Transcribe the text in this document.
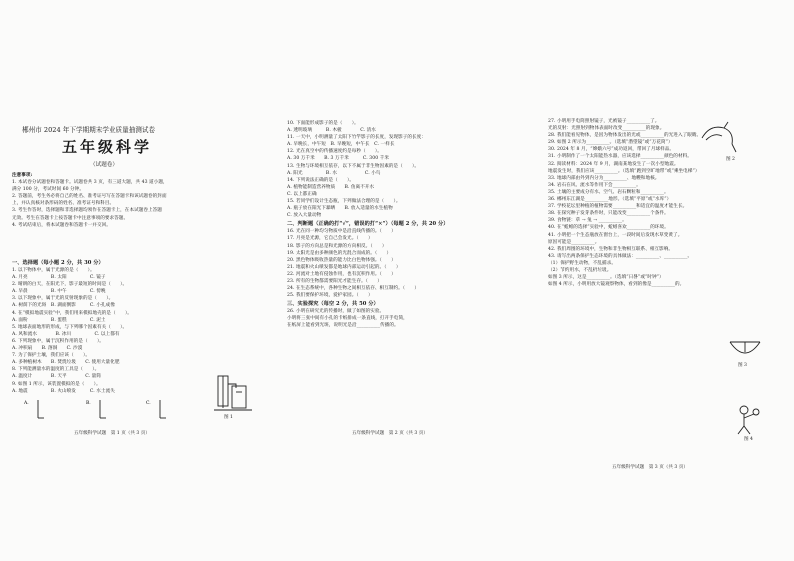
郴州市 2024 年下学期期末学业质量抽测试卷
五年级科学
（试题卷）
注意事项:
1. 本试卷分试题卷和答题卡。试题卷共 3 页，有三道大题，共 43 道小题，
满分 100 分，考试时间 60 分钟。
2. 答题前，考生务必将自己的姓名、准考证号写在答题卡和该试题卷的封面
上，并认真核对条形码的姓名、准考证号和科目。
3. 考生作答时，选择题和非选择题均须作在答题卡上，在本试题卷上答题
无效。考生在答题卡上按答题卡中注意事项的要求答题。
4. 考试结束后，将本试题卷和答题卡一并交回。
一、选择题（每小题 2 分，共 30 分）
1. 以下物体中，属于光源的是（　　）。
A. 月亮　　　　　B. 太阳　　　　　C. 镜子
2. 晴朗的白天，在阳光下，影子最短的时间是（　　）。
A. 早晨　　　　　B. 中午　　　　　C. 傍晚
3. 以下现象中，属于光的反射现象的是（　　）。
A. 树荫下的光斑　B. 湖面倒影　　　C. 小孔成像
4. 在“模拟地震实验”中，我们用来模拟地壳的是（　　）。
A. 面粉　　　　　B. 蛋糕　　　　　C. 泥土
5. 地球表面地形的形成，与下列哪个因素有关（　　）。
A. 风和流水　　　　B. 冰川　　　　　C. 以上都有
6. 下列现象中，属于沉积作用的是（　　）。
A. 冲积扇　　B. 溶洞　　C. 沙漠
7. 为了保护土壤，我们应该（　　）。
A. 多种植树木　　B. 焚烧垃圾　　C. 使用大量化肥
8. 下列能测量水的温度的工具是（　　）。
A. 温度计　　　　B. 天平　　　　C. 量筒
9. 如图 1 所示，该装置模拟的是（　　）。
A. 地震　　　　　B. 火山喷发　　　C. 水土流失
图 1
A.	B.	C.
五年级科学试题　第 1 页（共 3 页）
10. 下面能形成影子的是（　　）。
A. 透明玻璃　　　B. 木板　　　　C. 清水
11. 一天中，小明测量了太阳下竹竿影子的长度，发现影子的长度：
A. 早晚长，中午短　B. 早晚短，中午长　C. 一样长
12. 光在真空中的传播速度约是每秒（　　）。
A. 30 万千米　　B. 3 万千米　　　C. 300 千米
13. 生物与环境相互依存，以下不属于非生物因素的是（　　）。
A. 阳光　　　　　B. 水　　　　　　C. 小鸟
14. 下列说法正确的是（　　）。
A. 植物能制造营养物质　　B. 鱼离不开水
C. 以上都正确
15. 若同学们设计生态瓶，下列做法合理的是（　　）。
A. 瓶子放在阳光下暴晒　　B. 放入适量的水生植物
C. 放入大量动物
二、判断题（正确的打“√”，错误的打“×”）（每题 2 分，共 20 分）
16. 光在同一种均匀物质中是沿直线传播的。（　　）
17. 月亮是光源，它自己会发光。（　　）
18. 影子的方向总是和光源的方向相反。（　　）
19. 太阳光是由多种颜色的光混合而成的。（　　）
20. 黑色物体吸收热量的能力比白色物体强。（　　）
21. 地震和火山喷发都是地球内部运动引起的。（　　）
22. 河流对土地有侵蚀作用，也有沉积作用。（　　）
23. 所有的生物都需要阳光才能生存。（　　）
24. 在生态系统中，各种生物之间相互依存、相互制约。（　　）
25. 我们要保护环境，爱护家园。（　　）
三、实验探究（每空 2 分，共 50 分）
26. 小明在研究光的传播时，做了如图的实验。
小明将三张中间有小孔的卡纸排成一条直线，打开手电筒，
在纸屏上能看到光斑，说明光是沿__________传播的。
五年级科学试题　第 2 页（共 3 页）
27. 小明用手电筒照射镜子，光被镜子__________了。
光的反射：光照射到物体表面时改变__________的现象。
28. 我们能看见物体，是因为物体发出的光或__________的光进入了眼睛。
29. 如图 2 所示为__________。（选填“潜望镜”或“万花筒”）
30. 2024 年 8 月，“嫦娥六号”成功返回，带回了月球样品。
31. 小明制作了一个太阳能热水器，应该选择__________颜色的材料。
32. 阅读材料：2024 年 9 月，湖南某地发生了一次小型地震。
地震发生时，我们应该__________。（选填“跑到空旷地带”或“乘坐电梯”）
33. 地球内部由外到内分为__________、地幔和地核。
34. 岩石在风、流水等作用下会__________。
35. 土壤的主要成分有水、空气、岩石颗粒和__________。
36. 郴州东江湖是__________地形。（选填“平原”或“水库”）
37. 学校花坛里种植的植物需要__________和适宜的温度才能生长。
38. 在探究种子发芽条件时，只能改变__________个条件。
39. 食物链：草 → 兔 → __________。
40. 在“蚯蚓的选择”实验中，蚯蚓喜欢__________的环境。
41. 小明把一个生态瓶放在窗台上，一段时间后发现水草变黄了。
原因可能是__________。
42. 我们周围的环境中，生物和非生物相互联系、相互影响。
43. 请写出两条保护生态环境的具体做法：__________、__________。
（1）保护野生动物，不乱捕杀。
（2）节约用水，不乱扔垃圾。
如图 3 所示，这是__________。（选填“日晷”或“时钟”）
如图 4 所示，小明用放大镜观察物体，看到的像是__________的。
图 2
图 3
图 4
五年级科学试题　第 3 页（共 3 页）
